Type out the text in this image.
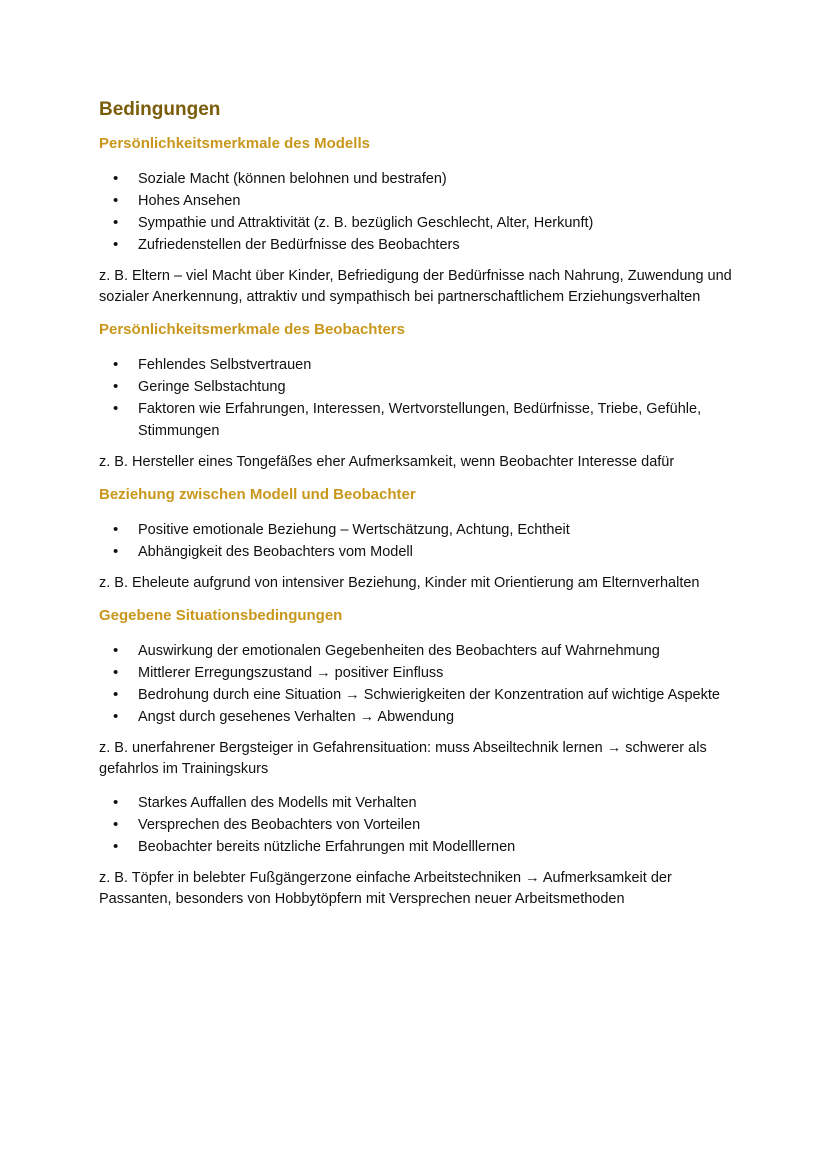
Bedingungen
Persönlichkeitsmerkmale des Modells
• Soziale Macht (können belohnen und bestrafen)
• Hohes Ansehen
• Sympathie und Attraktivität (z. B. bezüglich Geschlecht, Alter, Herkunft)
• Zufriedenstellen der Bedürfnisse des Beobachters

z. B. Eltern – viel Macht über Kinder, Befriedigung der Bedürfnisse nach Nahrung, Zuwendung und sozialer Anerkennung, attraktiv und sympathisch bei partnerschaftlichem Erziehungsverhalten

Persönlichkeitsmerkmale des Beobachters
• Fehlendes Selbstvertrauen
• Geringe Selbstachtung
• Faktoren wie Erfahrungen, Interessen, Wertvorstellungen, Bedürfnisse, Triebe, Gefühle, Stimmungen

z. B. Hersteller eines Tongefäßes eher Aufmerksamkeit, wenn Beobachter Interesse dafür

Beziehung zwischen Modell und Beobachter
• Positive emotionale Beziehung – Wertschätzung, Achtung, Echtheit
• Abhängigkeit des Beobachters vom Modell

z. B. Eheleute aufgrund von intensiver Beziehung, Kinder mit Orientierung am Elternverhalten

Gegebene Situationsbedingungen
• Auswirkung der emotionalen Gegebenheiten des Beobachters auf Wahrnehmung
• Mittlerer Erregungszustand → positiver Einfluss
• Bedrohung durch eine Situation → Schwierigkeiten der Konzentration auf wichtige Aspekte
• Angst durch gesehenes Verhalten → Abwendung

z. B. unerfahrener Bergsteiger in Gefahrensituation: muss Abseiltechnik lernen → schwerer als gefahrlos im Trainingskurs

• Starkes Auffallen des Modells mit Verhalten
• Versprechen des Beobachters von Vorteilen
• Beobachter bereits nützliche Erfahrungen mit Modelllernen

z. B. Töpfer in belebter Fußgängerzone einfache Arbeitstechniken → Aufmerksamkeit der Passanten, besonders von Hobbytöpfern mit Versprechen neuer Arbeitsmethoden
